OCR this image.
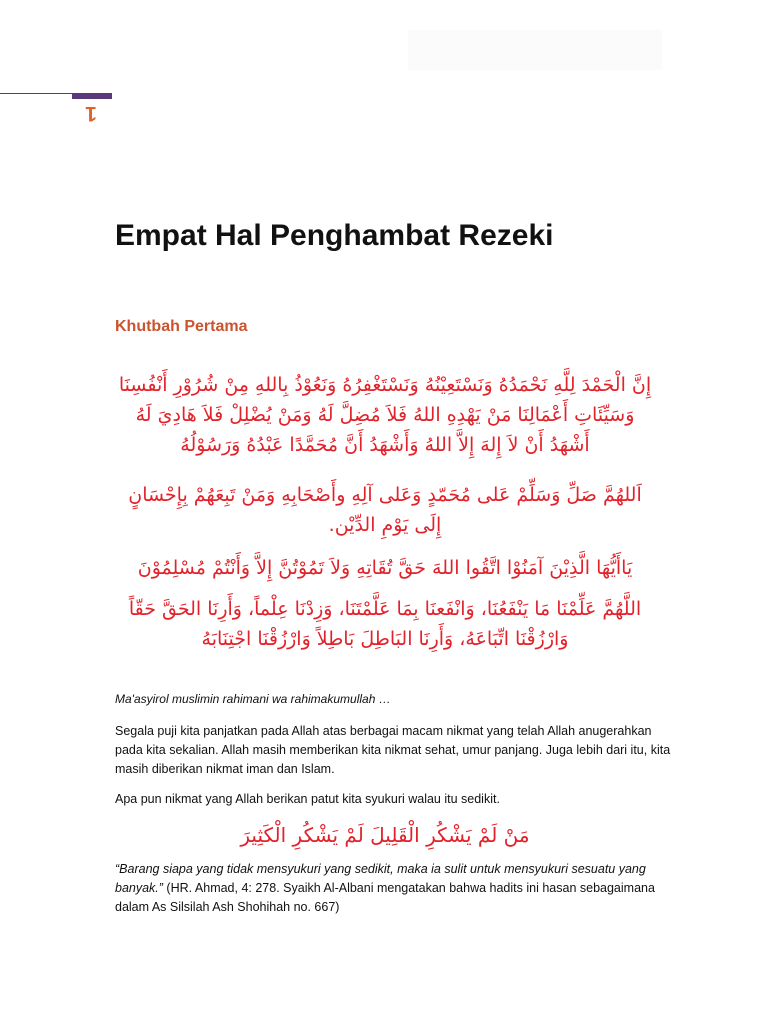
1
Empat Hal Penghambat Rezeki
Khutbah Pertama

إِنَّ الْحَمْدَ لِلَّهِ نَحْمَدُهُ وَنَسْتَعِيْنُهُ وَنَسْتَغْفِرُهُ وَنَعُوْذُ بِاللهِ مِنْ شُرُوْرِ أَنْفُسِنَا

وَسَيِّئَاتِ أَعْمَالِنَا مَنْ يَهْدِهِ اللهُ فَلاَ مُضِلَّ لَهُ وَمَنْ يُضْلِلْ فَلاَ هَادِيَ لَهُ

أَشْهَدُ أَنْ لاَ إِلهَ إِلاَّ اللهُ وَأَشْهَدُ أَنَّ مُحَمَّدًا عَبْدُهُ وَرَسُوْلُهُ

اَللهُمَّ صَلِّ وَسَلِّمْ عَلى مُحَمّدٍ وَعَلى آلِهِ وأَصْحَابِهِ وَمَنْ تَبِعَهُمْ بِإِحْسَانٍ

إِلَى يَوْمِ الدِّيْن.

يَاأَيُّهَا الَّذِيْنَ آمَنُوْا اتَّقُوا اللهَ حَقَّ تُقَاتِهِ وَلاَ تَمُوْتُنَّ إِلاَّ وَأَنْتُمْ مُسْلِمُوْنَ

اللَّهُمَّ عَلِّمْنَا مَا يَنْفَعُنَا، وَانْفَعنَا بِمَا عَلَّمْتَنَا، وَزِدْنَا عِلْماً، وَأَرِنَا الحَقَّ حَقّاً

وَارْزُقْنَا اتِّبَاعَهُ، وَأَرِنَا البَاطِلَ بَاطِلاً وَارْزُقْنَا اجْتِنَابَهُ

Ma'asyirol muslimin rahimani wa rahimakumullah …

Segala puji kita panjatkan pada Allah atas berbagai macam nikmat yang telah Allah anugerahkan pada kita sekalian. Allah masih memberikan kita nikmat sehat, umur panjang. Juga lebih dari itu, kita masih diberikan nikmat iman dan Islam.

Apa pun nikmat yang Allah berikan patut kita syukuri walau itu sedikit.

مَنْ لَمْ يَشْكُرِ الْقَلِيلَ لَمْ يَشْكُرِ الْكَثِيرَ

“Barang siapa yang tidak mensyukuri yang sedikit, maka ia sulit untuk mensyukuri sesuatu yang banyak.” (HR. Ahmad, 4: 278. Syaikh Al-Albani mengatakan bahwa hadits ini hasan sebagaimana dalam As Silsilah Ash Shohihah no. 667)
